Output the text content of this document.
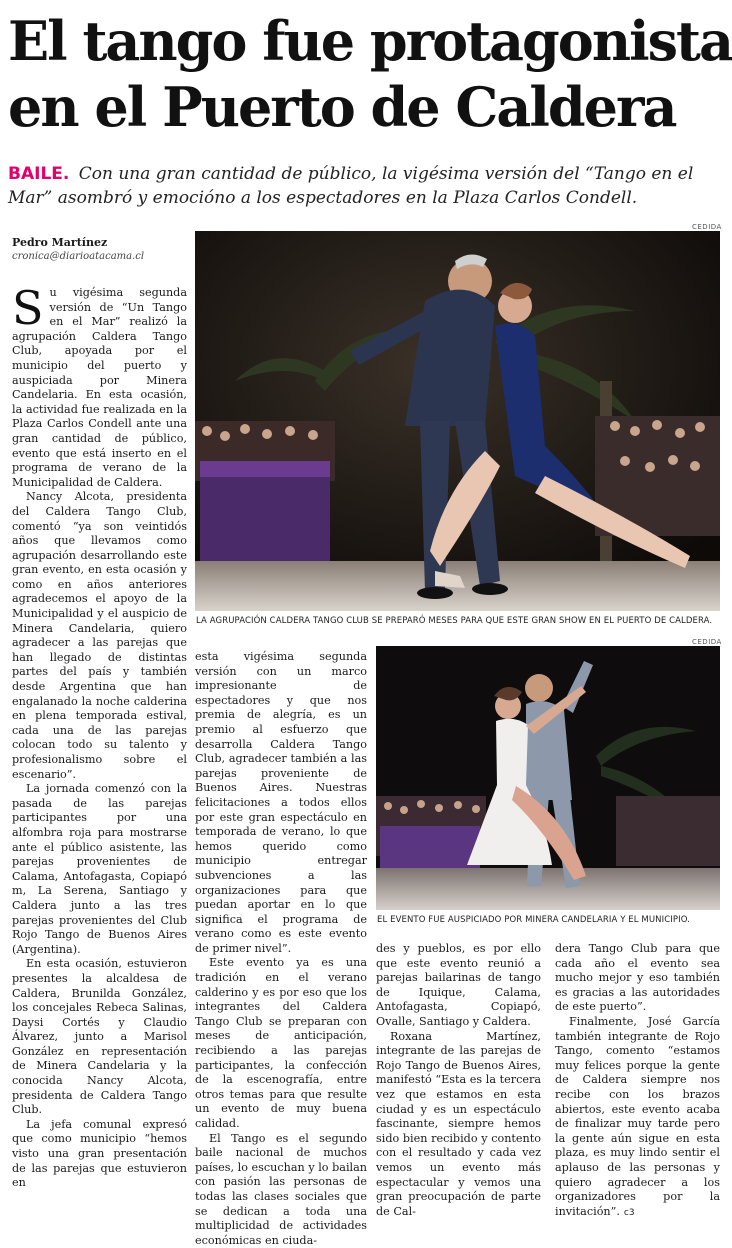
El tango fue protagonista
en el Puerto de Caldera
BAILE. Con una gran cantidad de público, la vigésima versión del “Tango en el Mar” asombró y emocióno a los espectadores en la Plaza Carlos Condell.
Pedro Martínez
cronica@diarioatacama.cl
CEDIDA
LA AGRUPACIÓN CALDERA TANGO CLUB SE PREPARÓ MESES PARA QUE ESTE GRAN SHOW EN EL PUERTO DE CALDERA.
CEDIDA
EL EVENTO FUE AUSPICIADO POR MINERA CANDELARIA Y EL MUNICIPIO.

Su vigésima segunda versión de “Un Tango en el Mar” realizó la agrupación Caldera Tango Club, apoyada por el municipio del puerto y auspiciada por Minera Candelaria. En esta ocasión, la actividad fue realizada en la Plaza Carlos Condell ante una gran cantidad de público, evento que está inserto en el programa de verano de la Municipalidad de Caldera.

Nancy Alcota, presidenta del Caldera Tango Club, comentó “ya son veintidós años que llevamos como agrupación desarrollando este gran evento, en esta ocasión y como en años anteriores agradecemos el apoyo de la Municipalidad y el auspicio de Minera Candelaria, quiero agradecer a las parejas que han llegado de distintas partes del país y también desde Argentina que han engalanado la noche calderina en plena temporada estival, cada una de las parejas colocan todo su talento y profesionalismo sobre el escenario”.

La jornada comenzó con la pasada de las parejas participantes por una alfombra roja para mostrarse ante el público asistente, las parejas provenientes de Calama, Antofagasta, Copiapó m, La Serena, Santiago y Caldera junto a las tres parejas provenientes del Club Rojo Tango de Buenos Aires (Argentina).

En esta ocasión, estuvieron presentes la alcaldesa de Caldera, Brunilda González, los concejales Rebeca Salinas, Daysi Cortés y Claudio Álvarez, junto a Marisol González en representación de Minera Candelaria y la conocida Nancy Alcota, presidenta de Caldera Tango Club.

La jefa comunal expresó que como municipio “hemos visto una gran presentación de las parejas que estuvieron en

esta vigésima segunda versión con un marco impresionante de espectadores y que nos premia de alegría, es un premio al esfuerzo que desarrolla Caldera Tango Club, agradecer también a las parejas proveniente de Buenos Aires. Nuestras felicitaciones a todos ellos por este gran espectáculo en temporada de verano, lo que hemos querido como municipio entregar subvenciones a las organizaciones para que puedan aportar en lo que significa el programa de verano como es este evento de primer nivel”.

Este evento ya es una tradición en el verano calderino y es por eso que los integrantes del Caldera Tango Club se preparan con meses de anticipación, recibiendo a las parejas participantes, la confección de la escenografía, entre otros temas para que resulte un evento de muy buena calidad.

El Tango es el segundo baile nacional de muchos países, lo escuchan y lo bailan con pasión las personas de todas las clases sociales que se dedican a toda una multiplicidad de actividades económicas en ciuda-

des y pueblos, es por ello que este evento reunió a parejas bailarinas de tango de Iquique, Calama, Antofagasta, Copiapó, Ovalle, Santiago y Caldera.

Roxana Martínez, integrante de las parejas de Rojo Tango de Buenos Aires, manifestó “Esta es la tercera vez que estamos en esta ciudad y es un espectáculo fascinante, siempre hemos sido bien recibido y contento con el resultado y cada vez vemos un evento más espectacular y vemos una gran preocupación de parte de Cal-

dera Tango Club para que cada año el evento sea mucho mejor y eso también es gracias a las autoridades de este puerto”.

Finalmente, José García también integrante de Rojo Tango, comento “estamos muy felices porque la gente de Caldera siempre nos recibe con los brazos abiertos, este evento acaba de finalizar muy tarde pero la gente aún sigue en esta plaza, es muy lindo sentir el aplauso de las personas y quiero agradecer a los organizadores por la invitación”. c3
